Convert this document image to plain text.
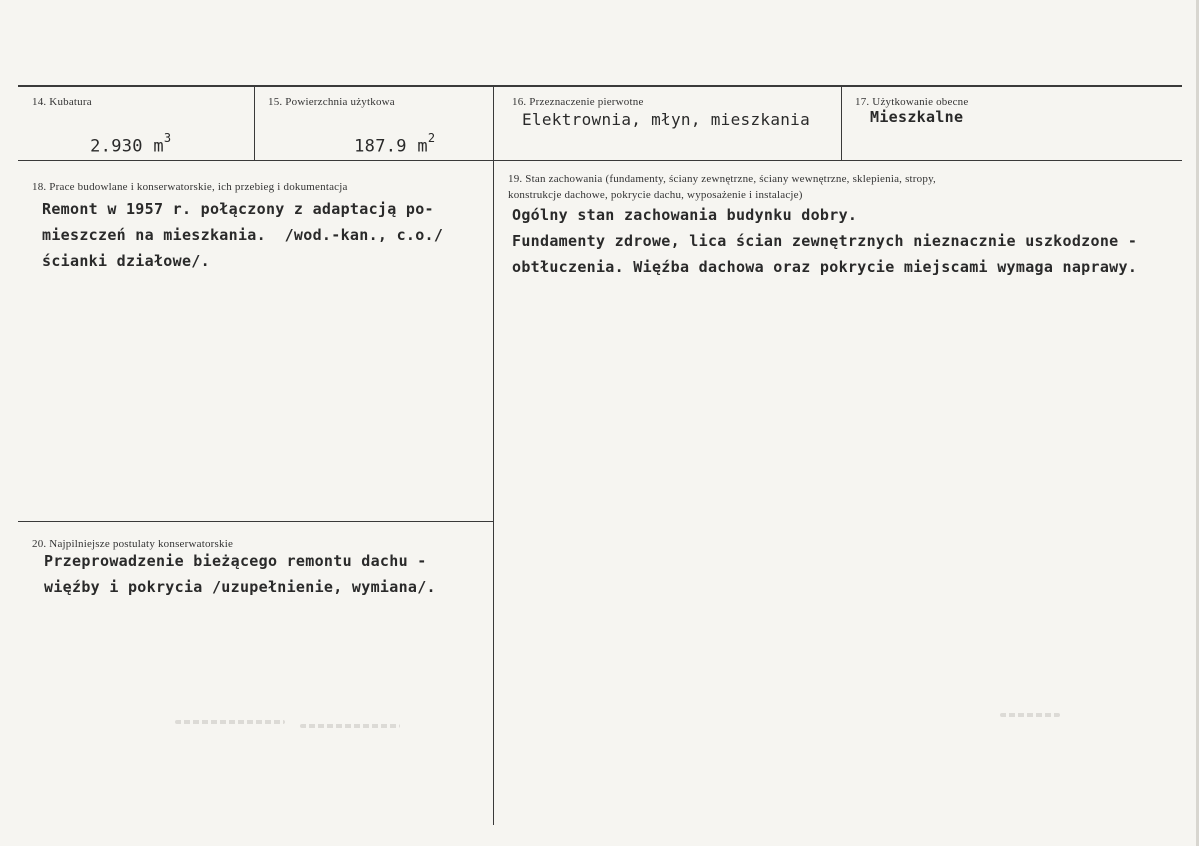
14. Kubatura

2.930 $m^3$

15. Powierzchnia użytkowa

187.9 $m^2$

16. Przeznaczenie pierwotne
Elektrownia, młyn, mieszkania
17. Użytkowanie obecne
Mieszkalne
18. Prace budowlane i konserwatorskie, ich przebieg i dokumentacja
Remont w 1957 r. połączony z adaptacją po-
mieszczeń na mieszkania.  /wod.-kan., c.o./
ścianki działowe/.
19. Stan zachowania (fundamenty, ściany zewnętrzne, ściany wewnętrzne, sklepienia, stropy,
konstrukcje dachowe, pokrycie dachu, wyposażenie i instalacje)
Ogólny stan zachowania budynku dobry.
Fundamenty zdrowe, lica ścian zewnętrznych nieznacznie uszkodzone -
obtłuczenia. Więźba dachowa oraz pokrycie miejscami wymaga naprawy.
20. Najpilniejsze postulaty konserwatorskie
Przeprowadzenie bieżącego remontu dachu -
więźby i pokrycia /uzupełnienie, wymiana/.
